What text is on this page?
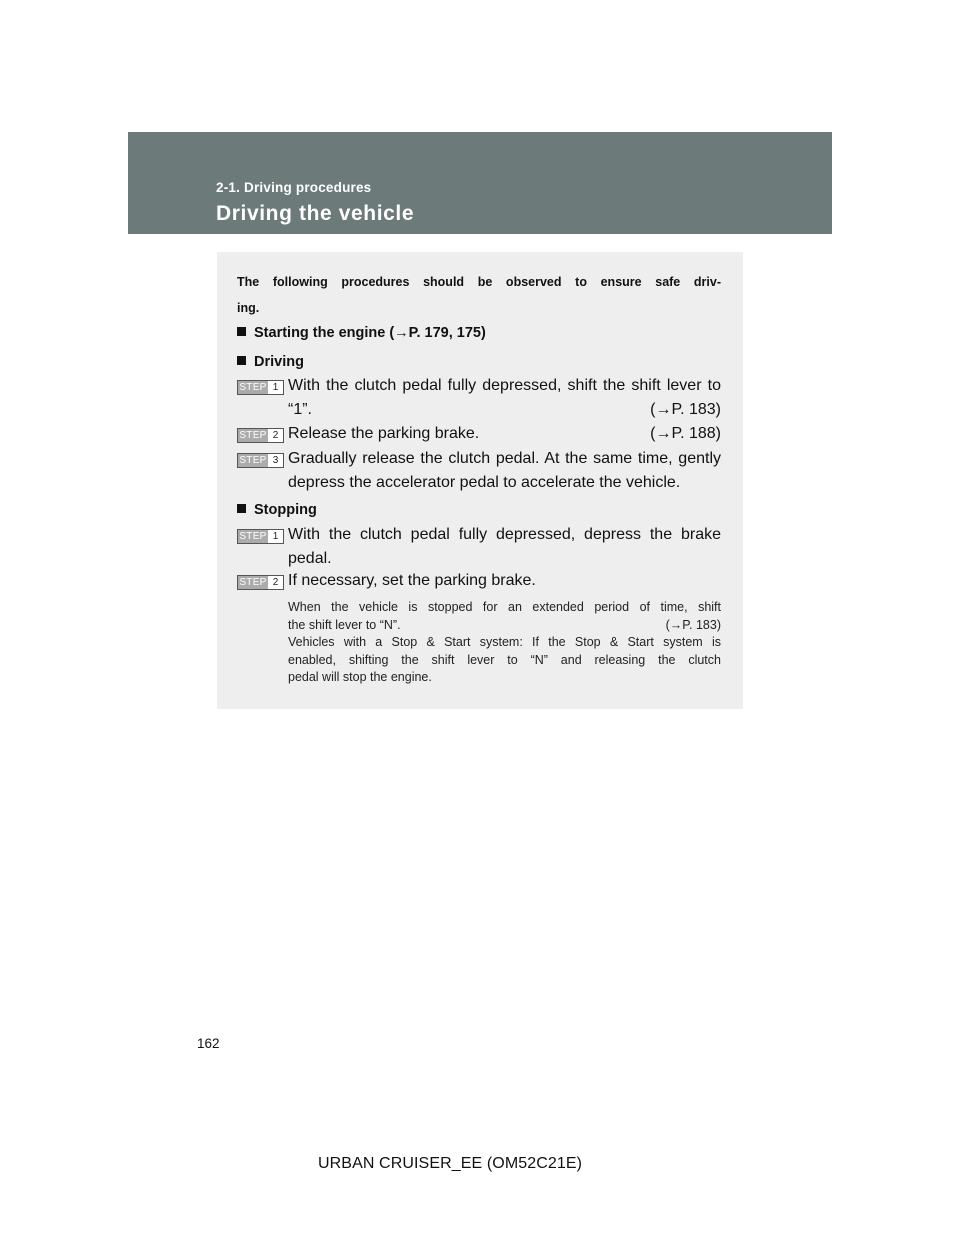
2-1. Driving procedures
Driving the vehicle
The following procedures should be observed to ensure safe driv-
ing.
Starting the engine (→P. 179, 175)
Driving
STEP 1 With the clutch pedal fully depressed, shift the shift lever to
“1”.	(→P. 183)
STEP 2 Release the parking brake.	(→P. 188)
STEP 3 Gradually release the clutch pedal. At the same time, gently
depress the accelerator pedal to accelerate the vehicle.
Stopping
STEP 1 With the clutch pedal fully depressed, depress the brake
pedal.
STEP 2 If necessary, set the parking brake.
When the vehicle is stopped for an extended period of time, shift
the shift lever to “N”.	(→P. 183)
Vehicles with a Stop & Start system: If the Stop & Start system is
enabled, shifting the shift lever to “N” and releasing the clutch
pedal will stop the engine.
162
URBAN CRUISER_EE (OM52C21E)
